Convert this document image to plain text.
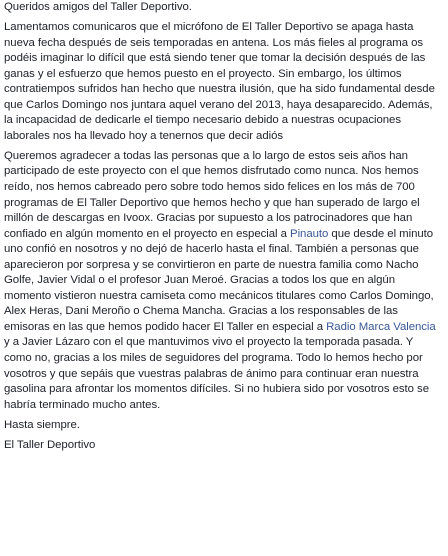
Queridos amigos del Taller Deportivo.
Lamentamos comunicaros que el micrófono de El Taller Deportivo se apaga hasta nueva fecha después de seis temporadas en antena. Los más fieles al programa os podéis imaginar lo difícil que está siendo tener que tomar la decisión después de las ganas y el esfuerzo que hemos puesto en el proyecto. Sin embargo, los últimos contratiempos sufridos han hecho que nuestra ilusión, que ha sido fundamental desde que Carlos Domingo nos juntara aquel verano del 2013, haya desaparecido. Además, la incapacidad de dedicarle el tiempo necesario debido a nuestras ocupaciones laborales nos ha llevado hoy a tenernos que decir adiós
Queremos agradecer a todas las personas que a lo largo de estos seis años han participado de este proyecto con el que hemos disfrutado como nunca. Nos hemos reído, nos hemos cabreado pero sobre todo hemos sido felices en los más de 700 programas de El Taller Deportivo que hemos hecho y que han superado de largo el millón de descargas en Ivoox. Gracias por supuesto a los patrocinadores que han confiado en algún momento en el proyecto en especial a Pinauto que desde el minuto uno confió en nosotros y no dejó de hacerlo hasta el final. También a personas que aparecieron por sorpresa y se convirtieron en parte de nuestra familia como Nacho Golfe, Javier Vidal o el profesor Juan Meroé. Gracias a todos los que en algún momento vistieron nuestra camiseta como mecánicos titulares como Carlos Domingo, Alex Heras, Dani Meroño o Chema Mancha. Gracias a los responsables de las emisoras en las que hemos podido hacer El Taller en especial a Radio Marca Valencia y a Javier Lázaro con el que mantuvimos vivo el proyecto la temporada pasada. Y como no, gracias a los miles de seguidores del programa. Todo lo hemos hecho por vosotros y que sepáis que vuestras palabras de ánimo para continuar eran nuestra gasolina para afrontar los momentos difíciles. Si no hubiera sido por vosotros esto se habría terminado mucho antes.
Hasta siempre.
El Taller Deportivo
